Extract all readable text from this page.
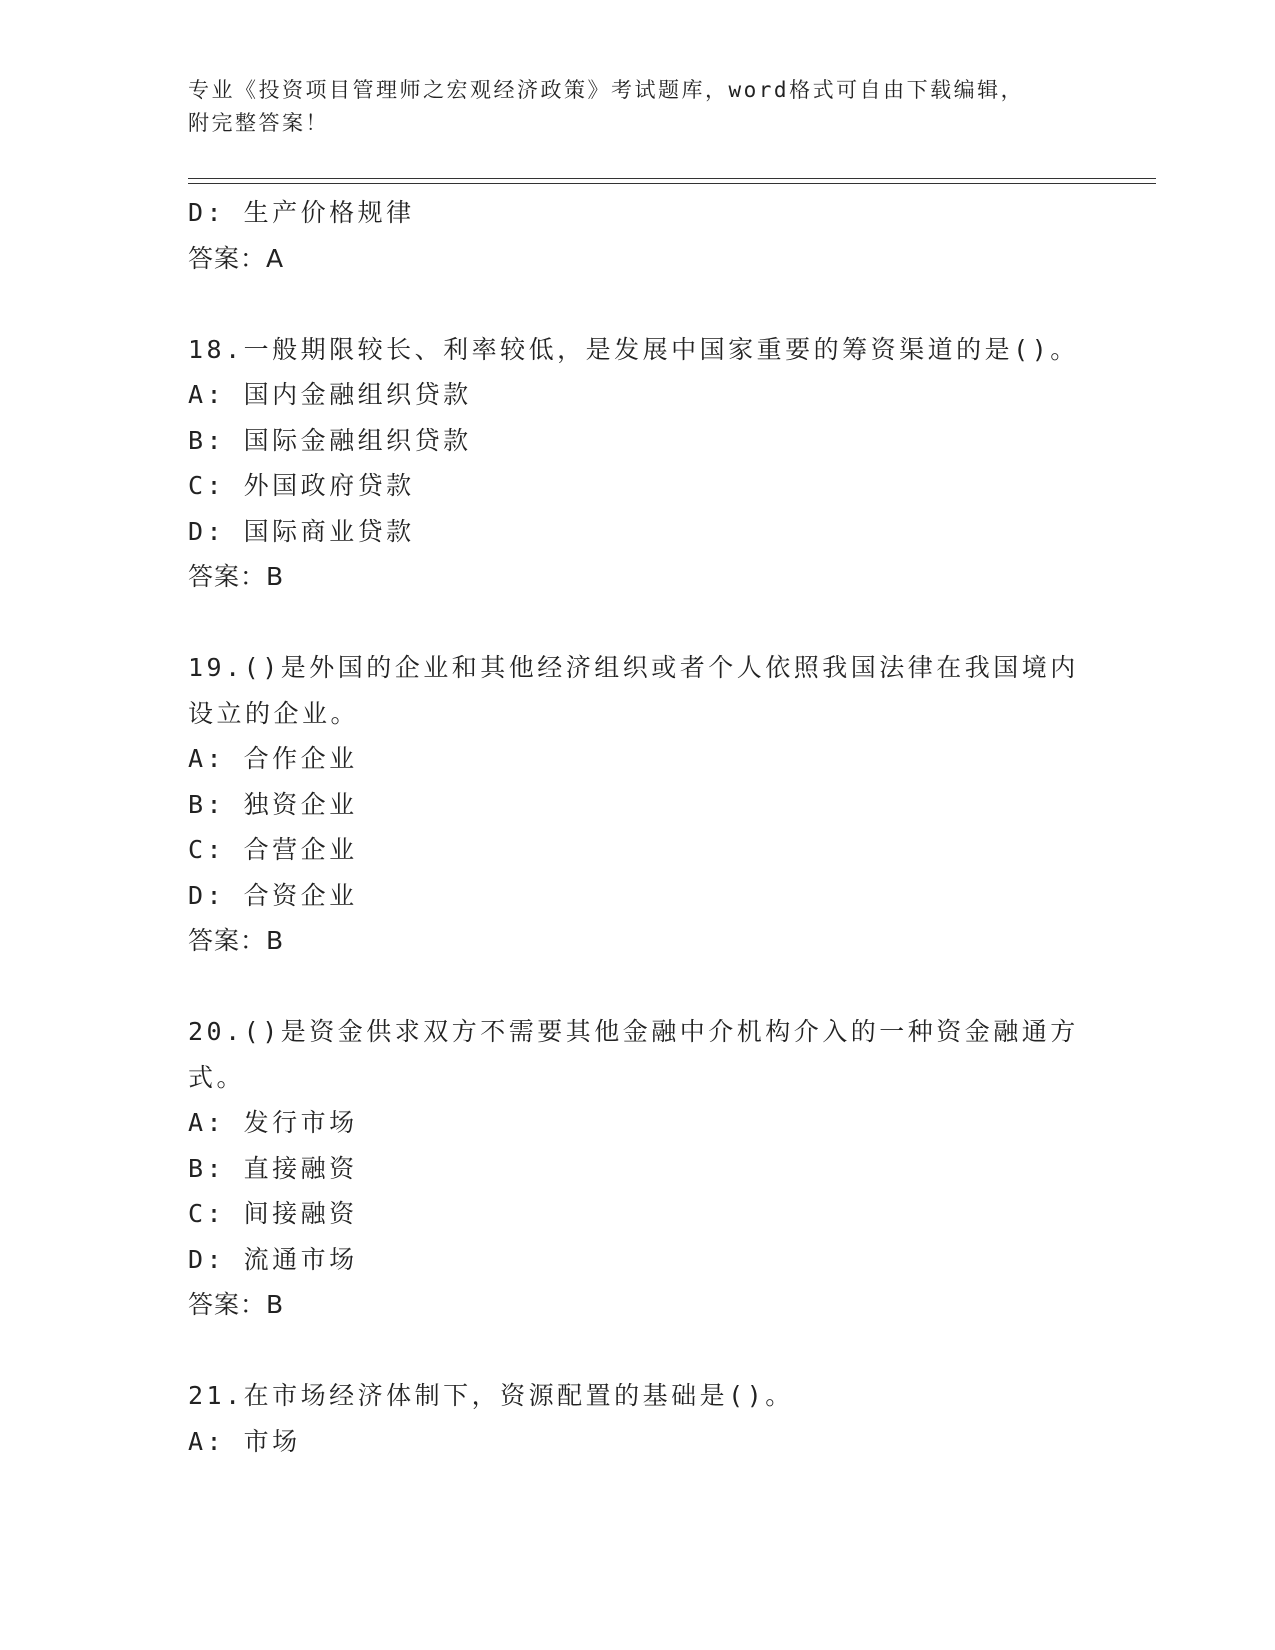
专业《投资项目管理师之宏观经济政策》考试题库，word格式可自由下载编辑，
附完整答案！
D: 生产价格规律
答案：A
18.一般期限较长、利率较低，是发展中国家重要的筹资渠道的是()。
A: 国内金融组织贷款
B: 国际金融组织贷款
C: 外国政府贷款
D: 国际商业贷款
答案：B
19.()是外国的企业和其他经济组织或者个人依照我国法律在我国境内
设立的企业。
A: 合作企业
B: 独资企业
C: 合营企业
D: 合资企业
答案：B
20.()是资金供求双方不需要其他金融中介机构介入的一种资金融通方
式。
A: 发行市场
B: 直接融资
C: 间接融资
D: 流通市场
答案：B
21.在市场经济体制下，资源配置的基础是()。
A: 市场
